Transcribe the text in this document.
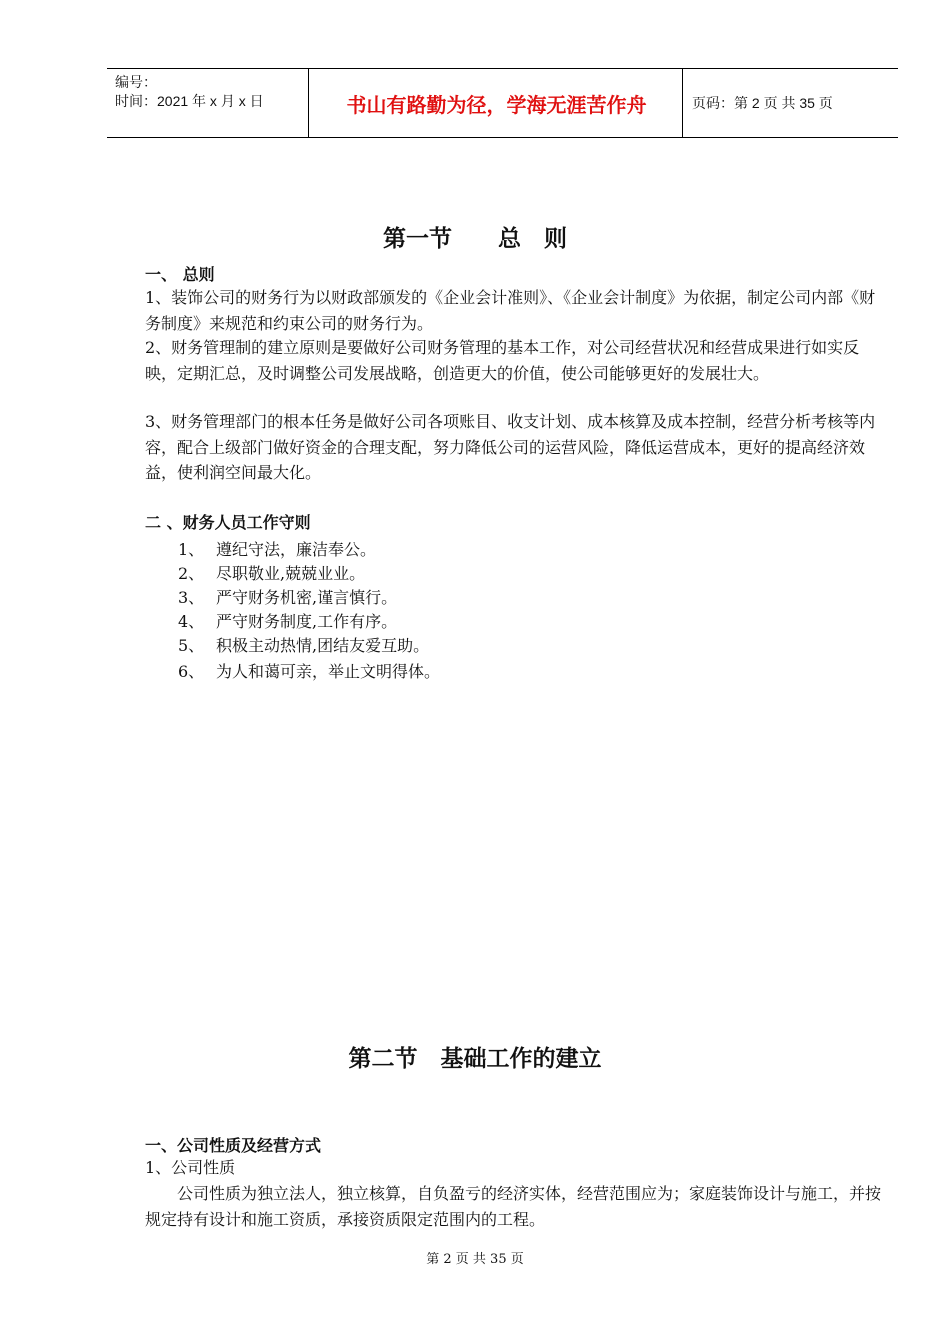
编号：
时间：2021 年 x 月 x 日	书山有路勤为径，学海无涯苦作舟	页码：第 2 页 共 35 页
第一节　　总　则
一、 总则
1、装饰公司的财务行为以财政部颁发的《企业会计准则》、《企业会计制度》为依据，制定公司内部《财务制度》来规范和约束公司的财务行为。
2、财务管理制的建立原则是要做好公司财务管理的基本工作，对公司经营状况和经营成果进行如实反映，定期汇总，及时调整公司发展战略，创造更大的价值，使公司能够更好的发展壮大。
3、财务管理部门的根本任务是做好公司各项账目、收支计划、成本核算及成本控制，经营分析考核等内容，配合上级部门做好资金的合理支配，努力降低公司的运营风险，降低运营成本，更好的提高经济效益，使利润空间最大化。
二 、财务人员工作守则
1、 遵纪守法，廉洁奉公。
2、 尽职敬业,兢兢业业。
3、 严守财务机密,谨言慎行。
4、 严守财务制度,工作有序。
5、 积极主动热情,团结友爱互助。
6、 为人和蔼可亲，举止文明得体。
第二节　基础工作的建立
一、公司性质及经营方式
1、公司性质
　　公司性质为独立法人，独立核算，自负盈亏的经济实体，经营范围应为；家庭装饰设计与施工，并按规定持有设计和施工资质，承接资质限定范围内的工程。
第 2 页 共 35 页
